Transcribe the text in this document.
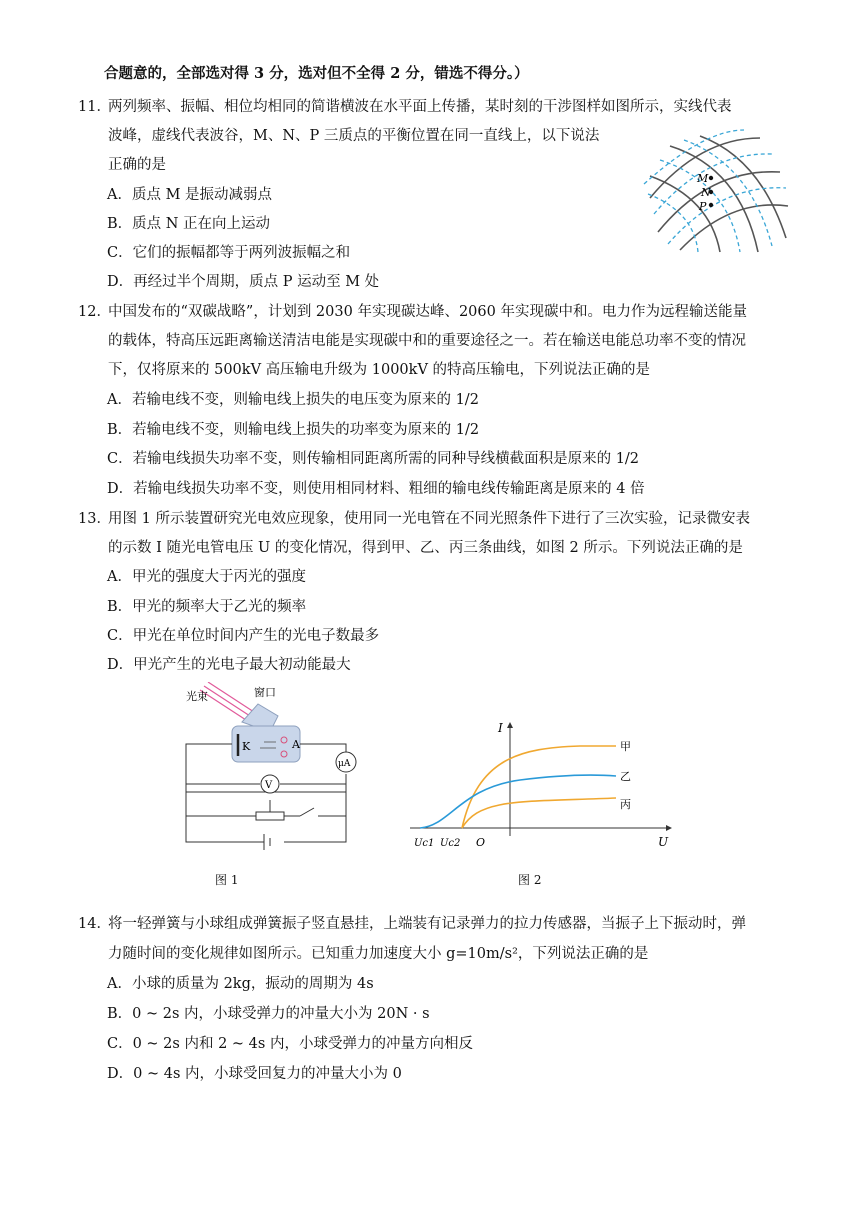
合题意的，全部选对得 3 分，选对但不全得 2 分，错选不得分。）
11．
两列频率、振幅、相位均相同的简谐横波在水平面上传播，某时刻的干涉图样如图所示，实线代表
波峰，虚线代表波谷，M、N、P 三质点的平衡位置在同一直线上，以下说法
正确的是
A．质点 M 是振动减弱点
B．质点 N 正在向上运动
C．它们的振幅都等于两列波振幅之和
D．再经过半个周期，质点 P 运动至 M 处
M
N
P
12．
中国发布的“双碳战略”，计划到 2030 年实现碳达峰、2060 年实现碳中和。电力作为远程输送能量
的载体，特高压远距离输送清洁电能是实现碳中和的重要途径之一。若在输送电能总功率不变的情况
下，仅将原来的 500kV 高压输电升级为 1000kV 的特高压输电，下列说法正确的是
A．若输电线不变，则输电线上损失的电压变为原来的 1/2
B．若输电线不变，则输电线上损失的功率变为原来的 1/2
C．若输电线损失功率不变，则传输相同距离所需的同种导线横截面积是原来的 1/2
D．若输电线损失功率不变，则使用相同材料、粗细的输电线传输距离是原来的 4 倍
13．
用图 1 所示装置研究光电效应现象，使用同一光电管在不同光照条件下进行了三次实验，记录微安表
的示数 I 随光电管电压 U 的变化情况，得到甲、乙、丙三条曲线，如图 2 所示。下列说法正确的是
A．甲光的强度大于丙光的强度
B．甲光的频率大于乙光的频率
C．甲光在单位时间内产生的光电子数最多
D．甲光产生的光电子最大初动能最大
光束	窗口
K	A
V
μA
图 1
I
U
O
Uc1 Uc2
甲
乙
丙
图 2
14．
将一轻弹簧与小球组成弹簧振子竖直悬挂，上端装有记录弹力的拉力传感器，当振子上下振动时，弹
力随时间的变化规律如图所示。已知重力加速度大小 g=10m/s²，下列说法正确的是
A．小球的质量为 2kg，振动的周期为 4s
B．0 ~ 2s 内，小球受弹力的冲量大小为 20N · s
C．0 ~ 2s 内和 2 ~ 4s 内，小球受弹力的冲量方向相反
D．0 ~ 4s 内，小球受回复力的冲量大小为 0
